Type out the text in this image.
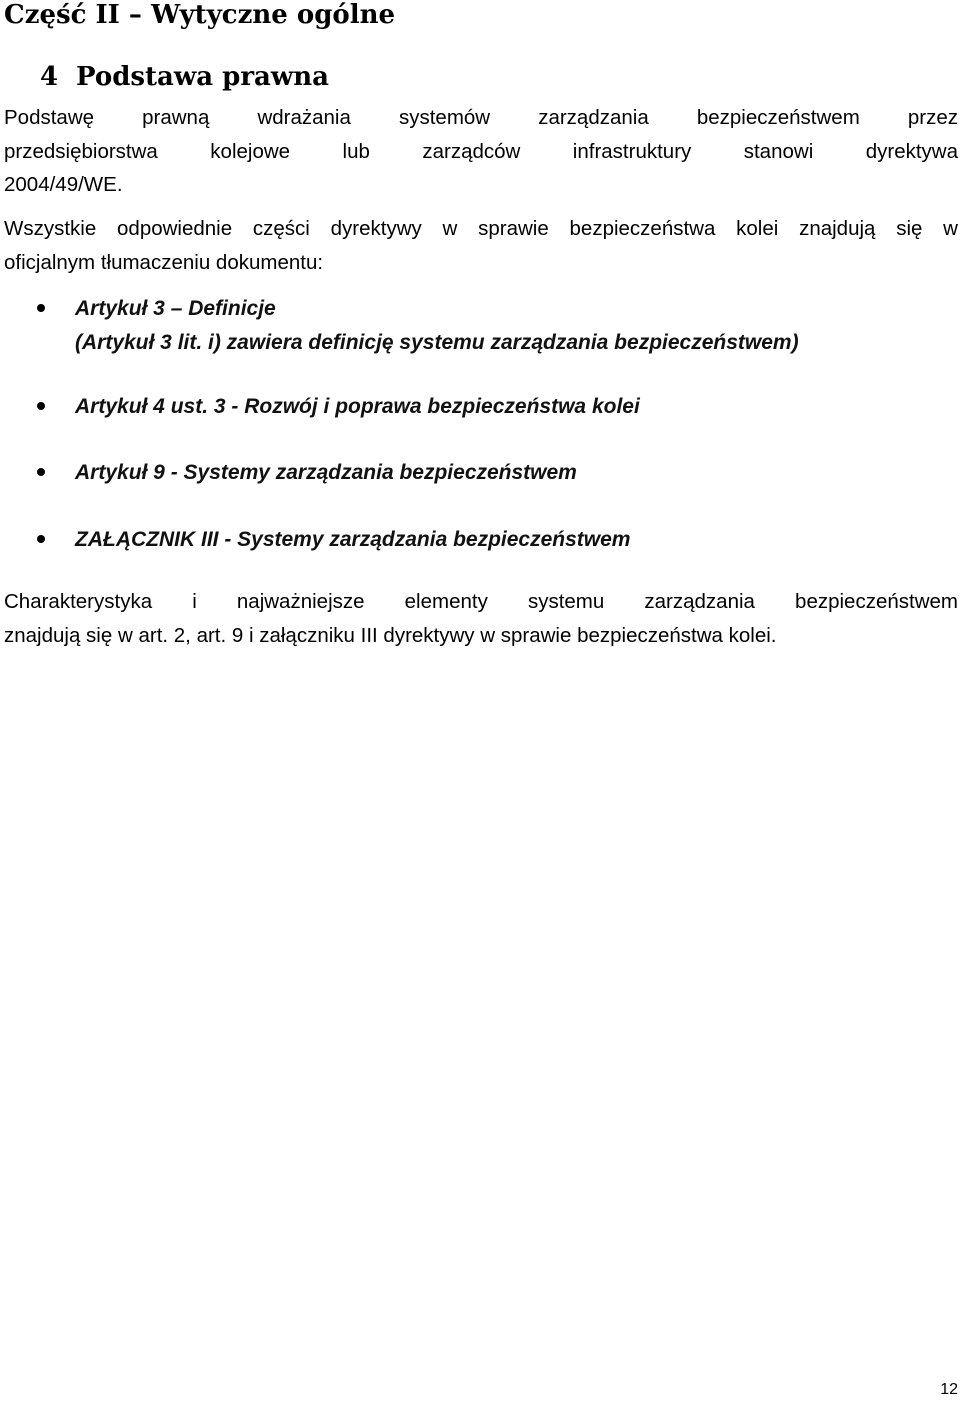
Część II – Wytyczne ogólne
4 Podstawa prawna

Podstawę prawną wdrażania systemów zarządzania bezpieczeństwem przez
przedsiębiorstwa kolejowe lub zarządców infrastruktury stanowi dyrektywa
2004/49/WE.

Wszystkie odpowiednie części dyrektywy w sprawie bezpieczeństwa kolei znajdują się w
oficjalnym tłumaczeniu dokumentu:

Artykuł 3 – Definicje
(Artykuł 3 lit. i) zawiera definicję systemu zarządzania bezpieczeństwem)
Artykuł 4 ust. 3 - Rozwój i poprawa bezpieczeństwa kolei
Artykuł 9 - Systemy zarządzania bezpieczeństwem
ZAŁĄCZNIK III - Systemy zarządzania bezpieczeństwem

Charakterystyka i najważniejsze elementy systemu zarządzania bezpieczeństwem
znajdują się w art. 2, art. 9 i załączniku III dyrektywy w sprawie bezpieczeństwa kolei.

12
